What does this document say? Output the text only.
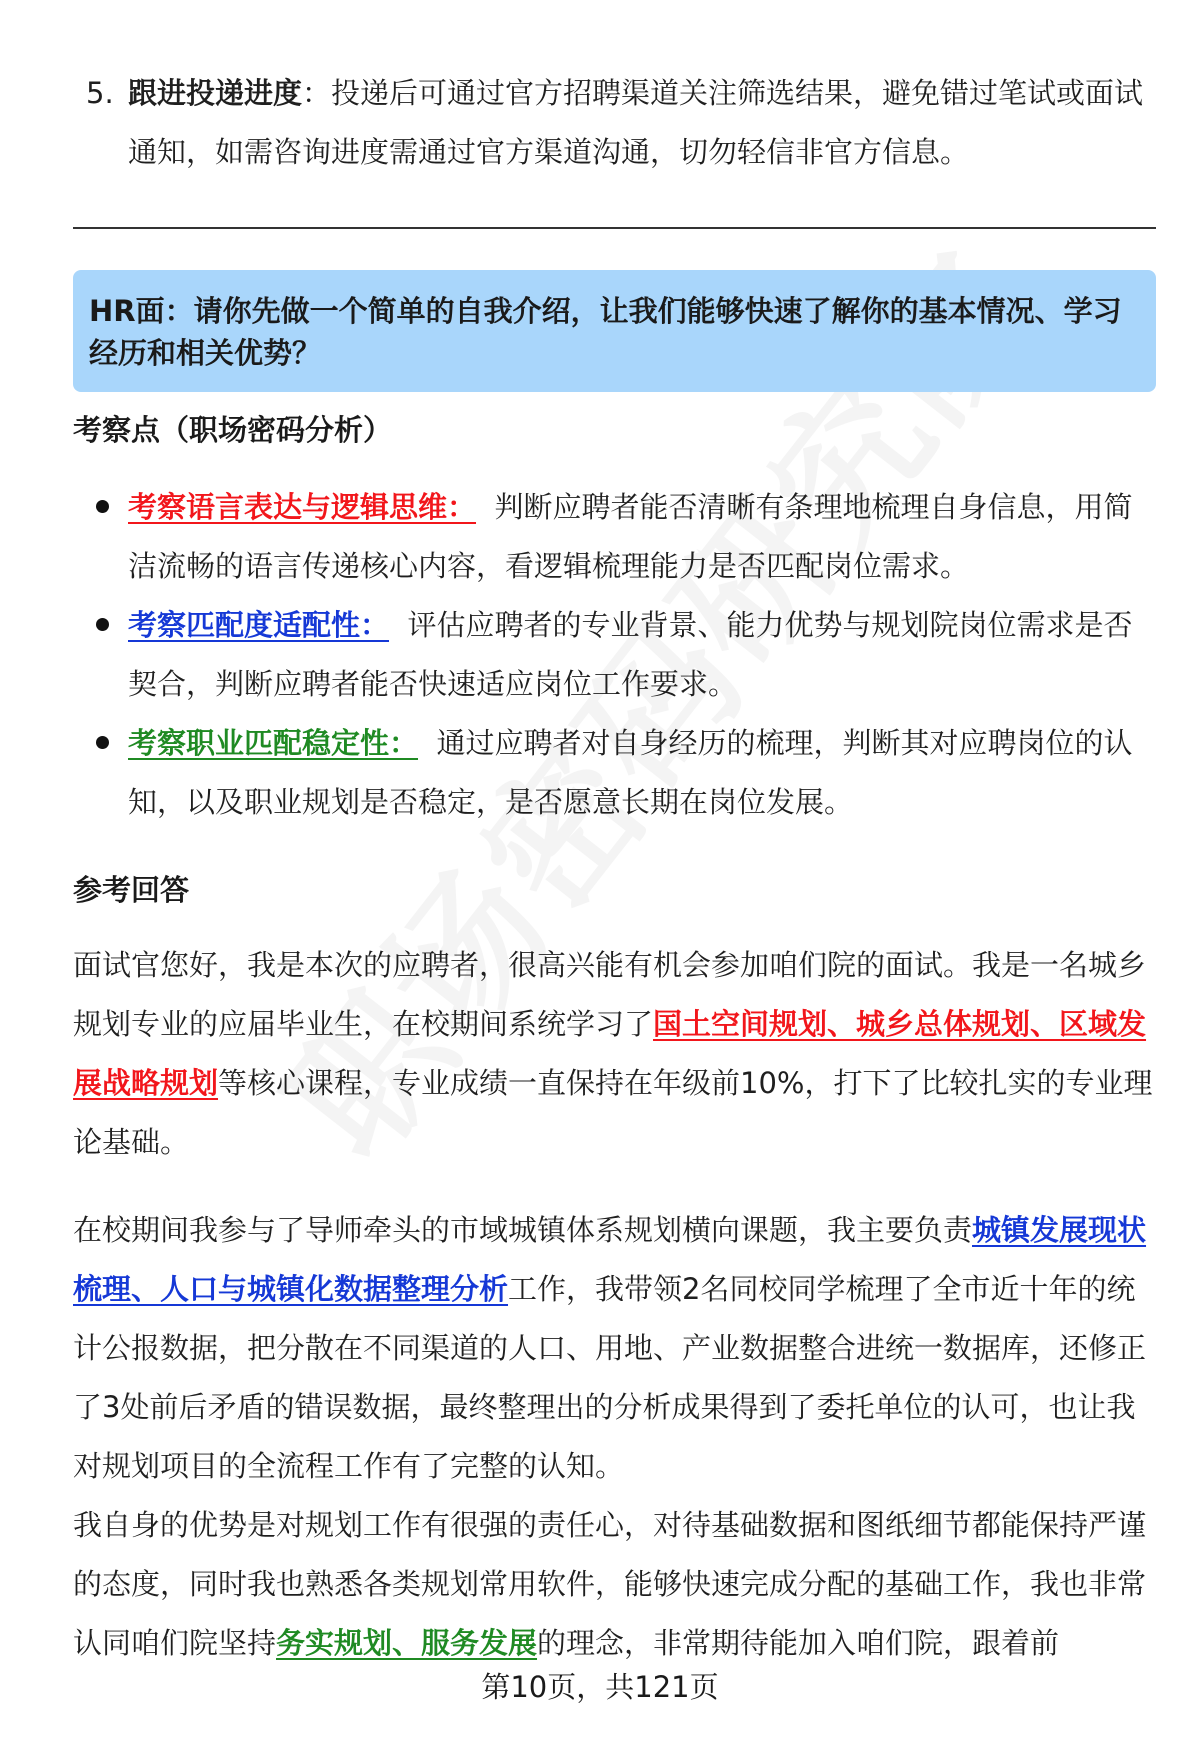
5. 跟进投递进度：投递后可通过官方招聘渠道关注筛选结果，避免错过笔试或面试通知，如需咨询进度需通过官方渠道沟通，切勿轻信非官方信息。
HR面：请你先做一个简单的自我介绍，让我们能够快速了解你的基本情况、学习经历和相关优势？
考察点（职场密码分析）
考察语言表达与逻辑思维： 判断应聘者能否清晰有条理地梳理自身信息，用简洁流畅的语言传递核心内容，看逻辑梳理能力是否匹配岗位需求。
考察匹配度适配性： 评估应聘者的专业背景、能力优势与规划院岗位需求是否契合，判断应聘者能否快速适应岗位工作要求。
考察职业匹配稳定性： 通过应聘者对自身经历的梳理，判断其对应聘岗位的认知，以及职业规划是否稳定，是否愿意长期在岗位发展。
参考回答
面试官您好，我是本次的应聘者，很高兴能有机会参加咱们院的面试。我是一名城乡规划专业的应届毕业生，在校期间系统学习了国土空间规划、城乡总体规划、区域发展战略规划等核心课程，专业成绩一直保持在年级前10%，打下了比较扎实的专业理论基础。
在校期间我参与了导师牵头的市域城镇体系规划横向课题，我主要负责城镇发展现状梳理、人口与城镇化数据整理分析工作，我带领2名同校同学梳理了全市近十年的统计公报数据，把分散在不同渠道的人口、用地、产业数据整合进统一数据库，还修正了3处前后矛盾的错误数据，最终整理出的分析成果得到了委托单位的认可，也让我对规划项目的全流程工作有了完整的认知。
我自身的优势是对规划工作有很强的责任心，对待基础数据和图纸细节都能保持严谨的态度，同时我也熟悉各类规划常用软件，能够快速完成分配的基础工作，我也非常认同咱们院坚持务实规划、服务发展的理念，非常期待能加入咱们院，跟着前
第10页，共121页
